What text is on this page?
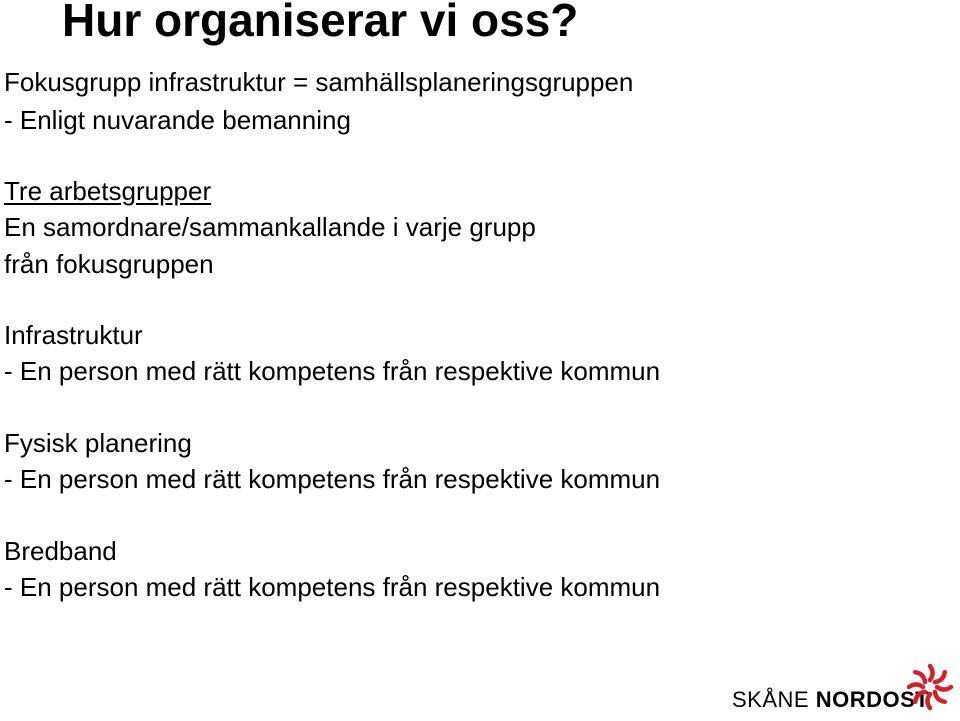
Hur organiserar vi oss?

Fokusgrupp infrastruktur = samhällsplaneringsgruppen

- Enligt nuvarande bemanning

Tre arbetsgrupper

En samordnare/sammankallande i varje grupp

från fokusgruppen

Infrastruktur

- En person med rätt kompetens från respektive kommun

Fysisk planering

- En person med rätt kompetens från respektive kommun

Bredband

- En person med rätt kompetens från respektive kommun

SKÅNE NORDOST
